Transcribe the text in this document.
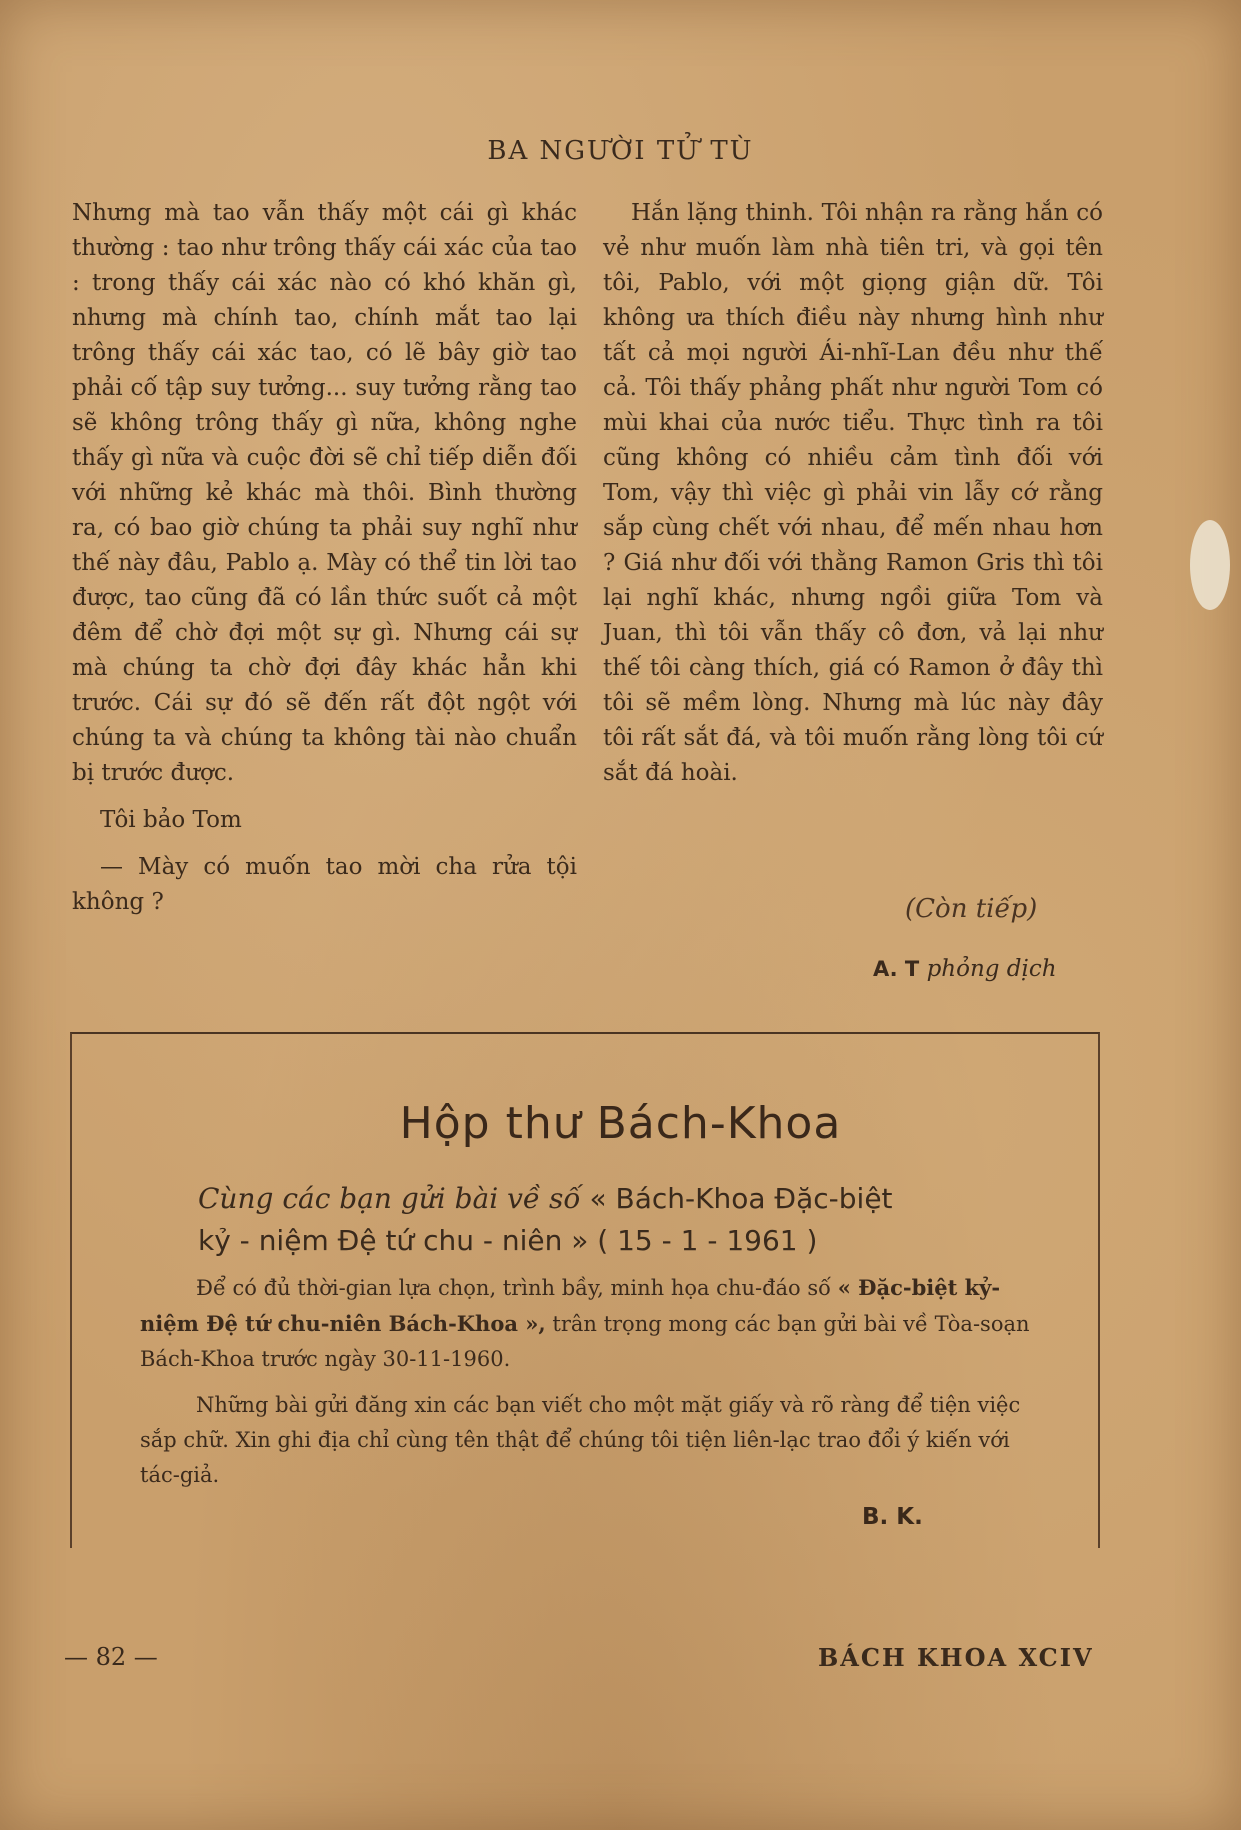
BA NGƯỜI TỬ TÙ

Nhưng mà tao vẫn thấy một cái gì khác thường : tao như trông thấy cái xác của tao : trong thấy cái xác nào có khó khăn gì, nhưng mà chính tao, chính mắt tao lại trông thấy cái xác tao, có lẽ bây giờ tao phải cố tập suy tưởng... suy tưởng rằng tao sẽ không trông thấy gì nữa, không nghe thấy gì nữa và cuộc đời sẽ chỉ tiếp diễn đối với những kẻ khác mà thôi. Bình thường ra, có bao giờ chúng ta phải suy nghĩ như thế này đâu, Pablo ạ. Mày có thể tin lời tao được, tao cũng đã có lần thức suốt cả một đêm để chờ đợi một sự gì. Nhưng cái sự mà chúng ta chờ đợi đây khác hẳn khi trước. Cái sự đó sẽ đến rất đột ngột với chúng ta và chúng ta không tài nào chuẩn bị trước được.

Tôi bảo Tom

— Mày có muốn tao mời cha rửa tội không ?

Hắn lặng thinh. Tôi nhận ra rằng hắn có vẻ như muốn làm nhà tiên tri, và gọi tên tôi, Pablo, với một giọng giận dữ. Tôi không ưa thích điều này nhưng hình như tất cả mọi người Ái-nhĩ-Lan đều như thế cả. Tôi thấy phảng phất như người Tom có mùi khai của nước tiểu. Thực tình ra tôi cũng không có nhiều cảm tình đối với Tom, vậy thì việc gì phải vin lẫy cớ rằng sắp cùng chết với nhau, để mến nhau hơn ? Giá như đối với thằng Ramon Gris thì tôi lại nghĩ khác, nhưng ngồi giữa Tom và Juan, thì tôi vẫn thấy cô đơn, vả lại như thế tôi càng thích, giá có Ramon ở đây thì tôi sẽ mềm lòng. Nhưng mà lúc này đây tôi rất sắt đá, và tôi muốn rằng lòng tôi cứ sắt đá hoài.

(Còn tiếp)
A. T phỏng dịch
Hộp thư Bách-Khoa
Cùng các bạn gửi bài về số « Bách-Khoa Đặc-biệt
kỷ - niệm Đệ tứ chu - niên » ( 15 - 1 - 1961 )
Để có đủ thời-gian lựa chọn, trình bầy, minh họa chu-đáo số « Đặc-biệt kỷ-niệm Đệ tứ chu-niên Bách-Khoa », trân trọng mong các bạn gửi bài về Tòa-soạn Bách-Khoa trước ngày 30-11-1960.
Những bài gửi đăng xin các bạn viết cho một mặt giấy và rõ ràng để tiện việc sắp chữ. Xin ghi địa chỉ cùng tên thật để chúng tôi tiện liên-lạc trao đổi ý kiến với tác-giả.
B. K.
— 82 —	BÁCH KHOA XCIV
